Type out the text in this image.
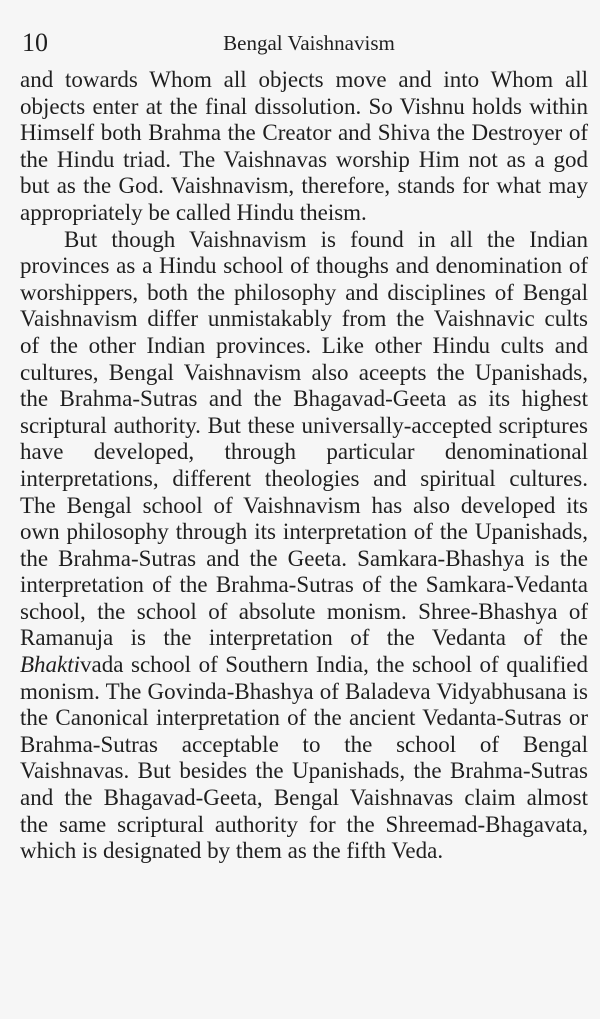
10	Bengal Vaishnavism

and towards Whom all objects move and into Whom all objects enter at the final dissolution. So Vishnu holds within Himself both Brahma the Creator and Shiva the Destroyer of the Hindu triad. The Vaishnavas worship Him not as a god but as the God. Vaishnavism, therefore, stands for what may appropriately be called Hindu theism.

But though Vaishnavism is found in all the Indian provinces as a Hindu school of thoughs and denomination of worshippers, both the philosophy and disciplines of Bengal Vaishnavism differ unmistakably from the Vaishnavic cults of the other Indian provinces. Like other Hindu cults and cultures, Bengal Vaishnavism also aceepts the Upanishads, the Brahma-Sutras and the Bhagavad-Geeta as its highest scriptural authority. But these universally-accepted scriptures have developed, through particular denominational interpretations, different theologies and spiritual cultures. The Bengal school of Vaishnavism has also developed its own philosophy through its interpretation of the Upanishads, the Brahma-Sutras and the Geeta. Samkara-Bhashya is the interpretation of the Brahma-Sutras of the Samkara-Vedanta school, the school of absolute monism. Shree-Bhashya of Ramanuja is the interpretation of the Vedanta of the Bhaktivada school of Southern India, the school of qualified monism. The Govinda-Bhashya of Baladeva Vidyabhusana is the Canonical interpretation of the ancient Vedanta-Sutras or Brahma-Sutras acceptable to the school of Bengal Vaishnavas. But besides the Upanishads, the Brahma-Sutras and the Bhagavad-Geeta, Bengal Vaishnavas claim almost the same scriptural authority for the Shreemad-Bhagavata, which is designated by them as the fifth Veda.
